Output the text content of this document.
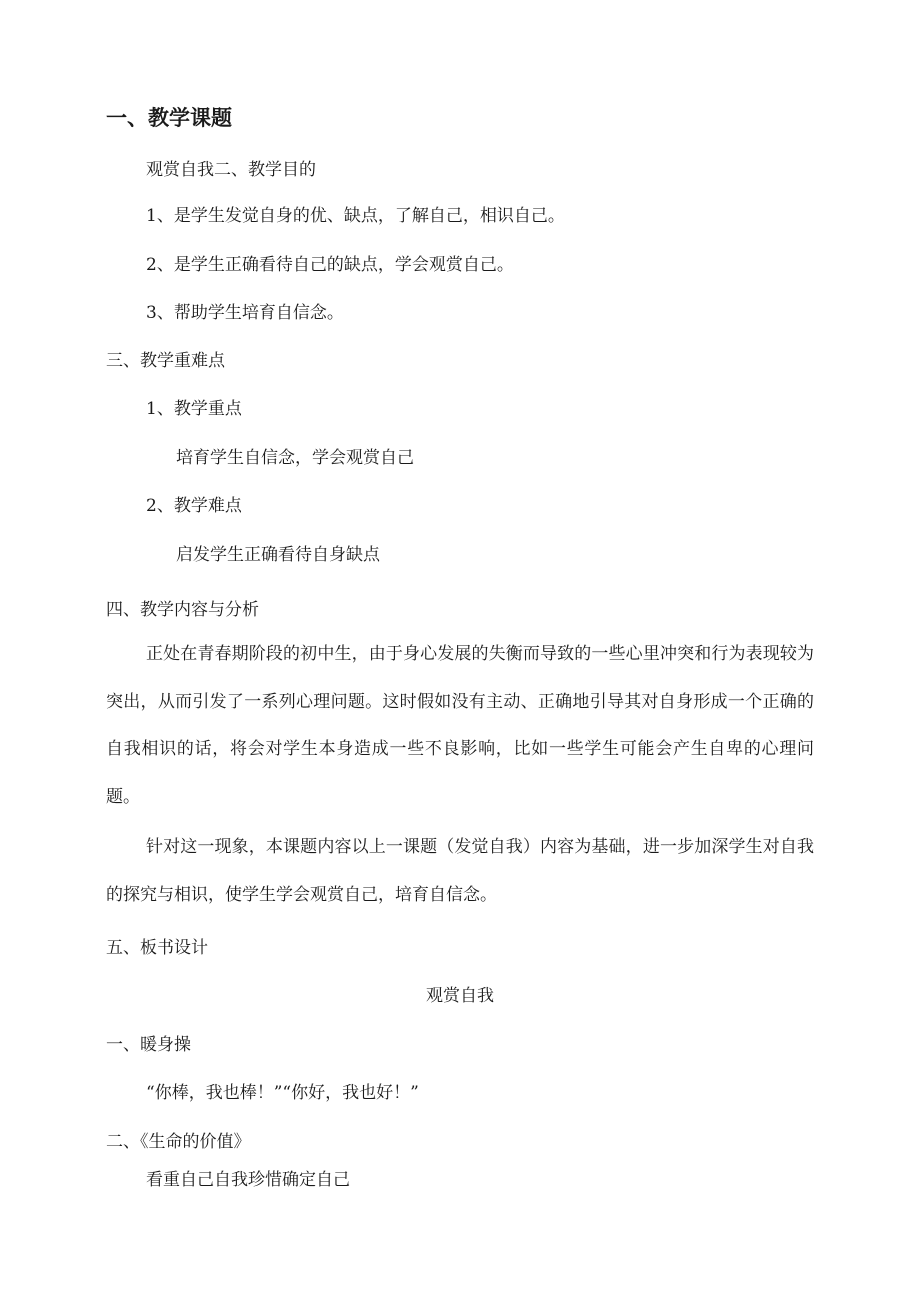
一、教学课题

观赏自我二、教学目的

1、是学生发觉自身的优、缺点，了解自己，相识自己。

2、是学生正确看待自己的缺点，学会观赏自己。

3、帮助学生培育自信念。

三、教学重难点

1、教学重点

培育学生自信念，学会观赏自己

2、教学难点

启发学生正确看待自身缺点

四、教学内容与分析

正处在青春期阶段的初中生，由于身心发展的失衡而导致的一些心里冲突和行为表现较为突出，从而引发了一系列心理问题。这时假如没有主动、正确地引导其对自身形成一个正确的自我相识的话，将会对学生本身造成一些不良影响，比如一些学生可能会产生自卑的心理问题。

针对这一现象，本课题内容以上一课题（发觉自我）内容为基础，进一步加深学生对自我的探究与相识，使学生学会观赏自己，培育自信念。

五、板书设计

观赏自我

一、暖身操

“你棒，我也棒！”“你好，我也好！”

二、《生命的价值》

看重自己自我珍惜确定自己
